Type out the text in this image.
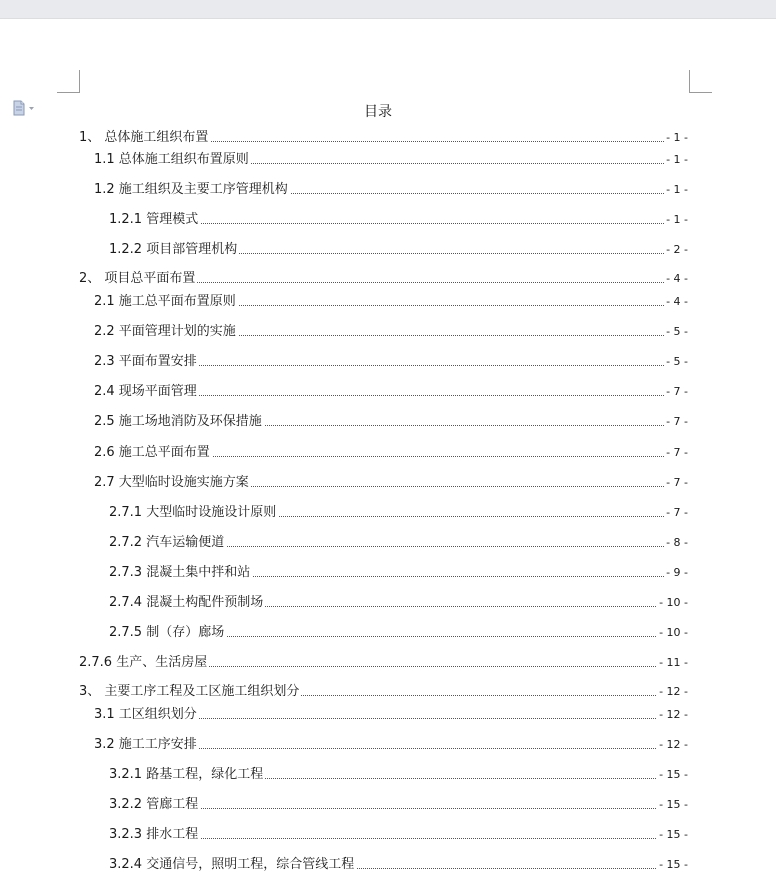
目录
1、 总体施工组织布置	- 1 -
1.1 总体施工组织布置原则	- 1 -
1.2 施工组织及主要工序管理机构	- 1 -
1.2.1 管理模式	- 1 -
1.2.2 项目部管理机构	- 2 -
2、 项目总平面布置	- 4 -
2.1 施工总平面布置原则	- 4 -
2.2 平面管理计划的实施	- 5 -
2.3 平面布置安排	- 5 -
2.4 现场平面管理	- 7 -
2.5 施工场地消防及环保措施	- 7 -
2.6 施工总平面布置	- 7 -
2.7 大型临时设施实施方案	- 7 -
2.7.1 大型临时设施设计原则	- 7 -
2.7.2 汽车运输便道	- 8 -
2.7.3 混凝土集中拌和站	- 9 -
2.7.4 混凝土构配件预制场	- 10 -
2.7.5 制（存）廊场	- 10 -
2.7.6 生产、生活房屋	- 11 -
3、 主要工序工程及工区施工组织划分	- 12 -
3.1 工区组织划分	- 12 -
3.2 施工工序安排	- 12 -
3.2.1 路基工程，绿化工程	- 15 -
3.2.2 管廊工程	- 15 -
3.2.3 排水工程	- 15 -
3.2.4 交通信号，照明工程，综合管线工程	- 15 -
